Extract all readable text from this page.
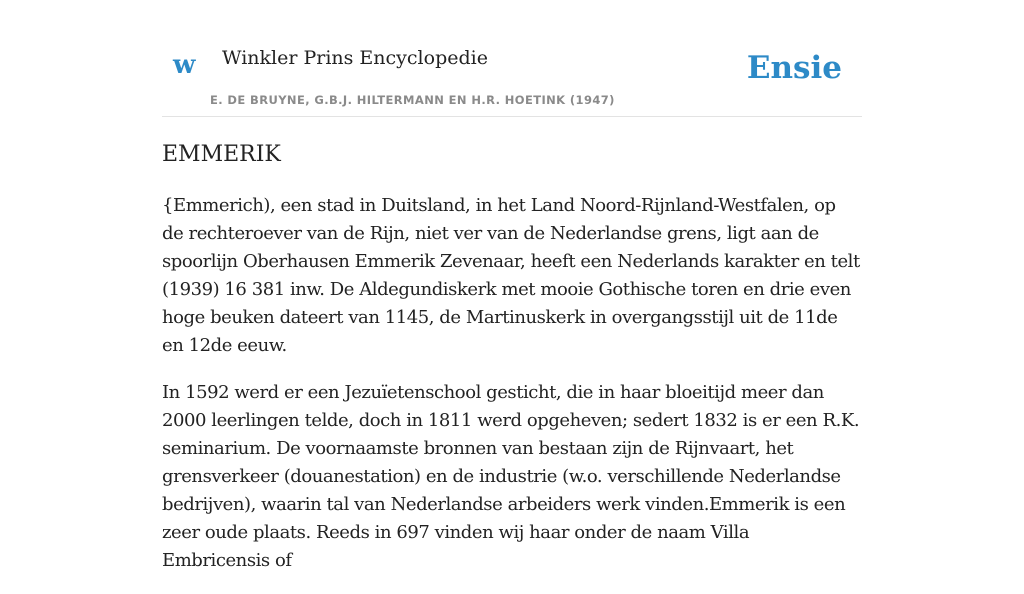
w Winkler Prins Encyclopedie
E. DE BRUYNE, G.B.J. HILTERMANN EN H.R. HOETINK (1947)
Ensie
EMMERIK

{Emmerich), een stad in Duitsland, in het Land Noord-Rijnland-Westfalen, op de rechteroever van de Rijn, niet ver van de Nederlandse grens, ligt aan de spoorlijn Oberhausen Emmerik Zevenaar, heeft een Nederlands karakter en telt (1939) 16 381 inw. De Aldegundiskerk met mooie Gothische toren en drie even hoge beuken dateert van 1145, de Martinuskerk in overgangsstijl uit de 11de en 12de eeuw.

In 1592 werd er een Jezuïetenschool gesticht, die in haar bloeitijd meer dan 2000 leerlingen telde, doch in 1811 werd opgeheven; sedert 1832 is er een R.K. seminarium. De voornaamste bronnen van bestaan zijn de Rijnvaart, het grensverkeer (douanestation) en de industrie (w.o. verschillende Nederlandse bedrijven), waarin tal van Nederlandse arbeiders werk vinden.Emmerik is een zeer oude plaats. Reeds in 697 vinden wij haar onder de naam Villa Embricensis of
